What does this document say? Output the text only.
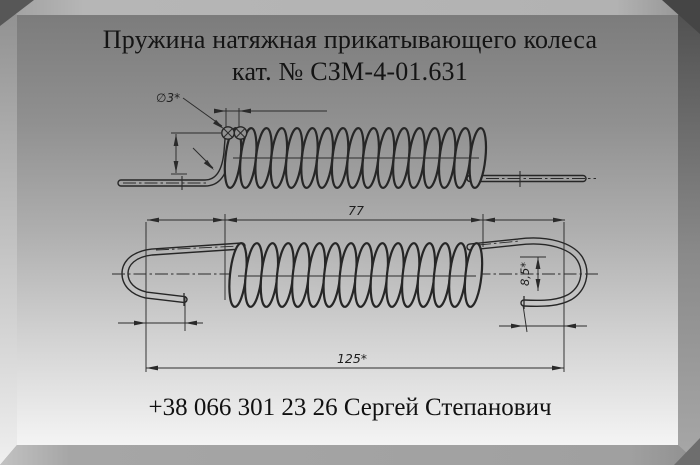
Пружина натяжная прикатывающего колеса
кат. № СЗМ-4-01.631
∅3*
77
8,5*
125*
+38 066 301 23 26 Сергей Степанович
